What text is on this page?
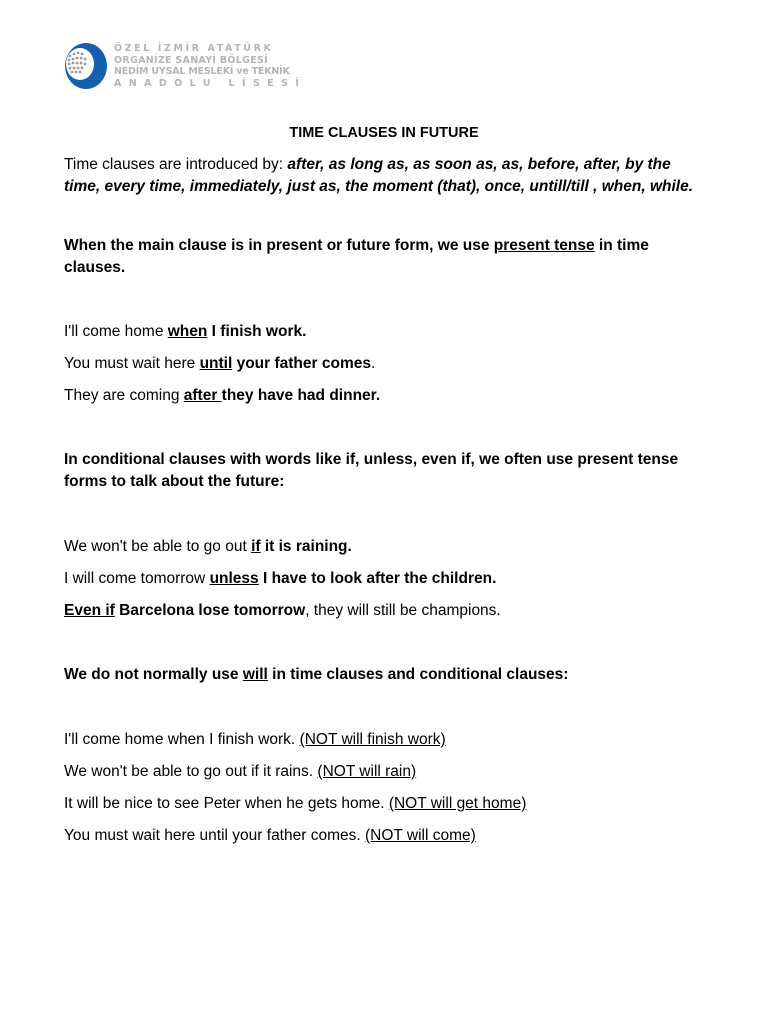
ÖZEL İZMİR ATATÜRK
ORGANİZE SANAYİ BÖLGESİ
NEDİM UYSAL MESLEKİ ve TEKNİK
ANADOLU LİSESİ

TIME CLAUSES IN FUTURE

Time clauses are introduced by: after, as long as, as soon as, as, before, after, by the time, every time, immediately, just as, the moment (that), once, untill/till , when, while.

When the main clause is in present or future form, we use present tense in time clauses.

I'll come home when I finish work.

You must wait here until your father comes.

They are coming after they have had dinner.

In conditional clauses with words like if, unless, even if, we often use present tense forms to talk about the future:

We won't be able to go out if it is raining.

I will come tomorrow unless I have to look after the children.

Even if Barcelona lose tomorrow, they will still be champions.

We do not normally use will in time clauses and conditional clauses:

I'll come home when I finish work. (NOT will finish work)

We won't be able to go out if it rains. (NOT will rain)

It will be nice to see Peter when he gets home. (NOT will get home)

You must wait here until your father comes. (NOT will come)
